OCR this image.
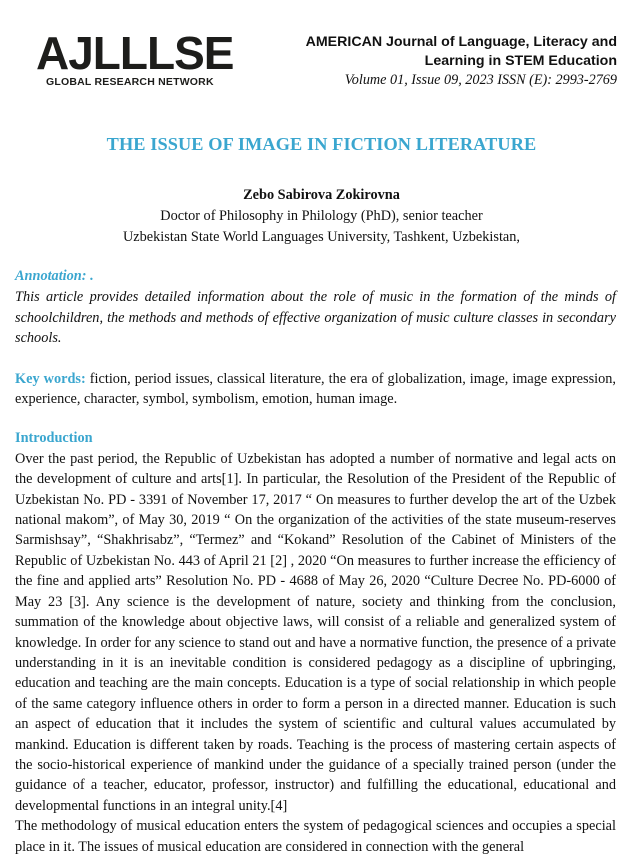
AJLLLSE
GLOBAL RESEARCH NETWORK
AMERICAN Journal of Language, Literacy and
Learning in STEM Education
Volume 01, Issue 09, 2023 ISSN (E): 2993-2769
THE ISSUE OF IMAGE IN FICTION LITERATURE
Zebo Sabirova Zokirovna
Doctor of Philosophy in Philology (PhD), senior teacher
Uzbekistan State World Languages University, Tashkent, Uzbekistan,
Annotation: .
This article provides detailed information about the role of music in the formation of the minds of schoolchildren, the methods and methods of effective organization of music culture classes in secondary schools.
Key words: fiction, period issues, classical literature, the era of globalization, image, image expression, experience, character, symbol, symbolism, emotion, human image.
Introduction

Over the past period, the Republic of Uzbekistan has adopted a number of normative and legal acts on the development of culture and arts[1]. In particular, the Resolution of the President of the Republic of Uzbekistan No. PD - 3391 of November 17, 2017 “ On measures to further develop the art of the Uzbek national makom”, of May 30, 2019 “ On the organization of the activities of the state museum-reserves Sarmishsay”, “Shakhrisabz”, “Termez” and “Kokand” Resolution of the Cabinet of Ministers of the Republic of Uzbekistan No. 443 of April 21 [2] , 2020 “On measures to further increase the efficiency of the fine and applied arts” Resolution No. PD - 4688 of May 26, 2020 “Culture Decree No. PD-6000 of May 23 [3]. Any science is the development of nature, society and thinking from the conclusion, summation of the knowledge about objective laws, will consist of a reliable and generalized system of knowledge. In order for any science to stand out and have a normative function, the presence of a private understanding in it is an inevitable condition is considered pedagogy as a discipline of upbringing, education and teaching are the main concepts. Education is a type of social relationship in which people of the same category influence others in order to form a person in a directed manner. Education is such an aspect of education that it includes the system of scientific and cultural values accumulated by mankind. Education is different taken by roads. Teaching is the process of mastering certain aspects of the socio-historical experience of mankind under the guidance of a specially trained person (under the guidance of a teacher, educator, professor, instructor) and fulfilling the educational, educational and developmental functions in an integral unity.[4]

The methodology of musical education enters the system of pedagogical sciences and occupies a special place in it. The issues of musical education are considered in connection with the general
